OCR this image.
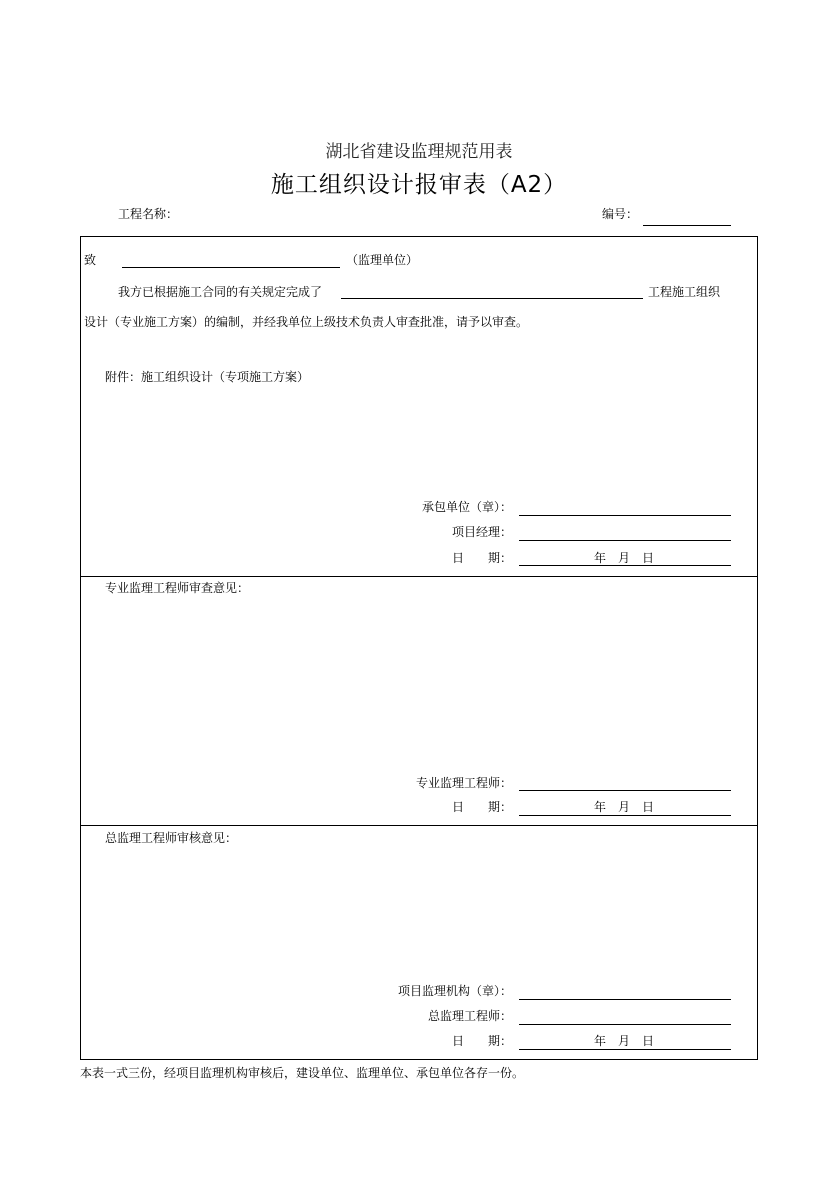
湖北省建设监理规范用表
施工组织设计报审表（A2）
工程名称：	编号：
致	（监理单位）
我方已根据施工合同的有关规定完成了	工程施工组织
设计（专业施工方案）的编制，并经我单位上级技术负责人审查批准，请予以审查。
附件：施工组织设计（专项施工方案）
承包单位（章）：
项目经理：
日　　期：	年　月　日
专业监理工程师审查意见：
专业监理工程师：
日　　期：	年　月　日
总监理工程师审核意见：
项目监理机构（章）：
总监理工程师：
日　　期：	年　月　日
本表一式三份，经项目监理机构审核后，建设单位、监理单位、承包单位各存一份。
